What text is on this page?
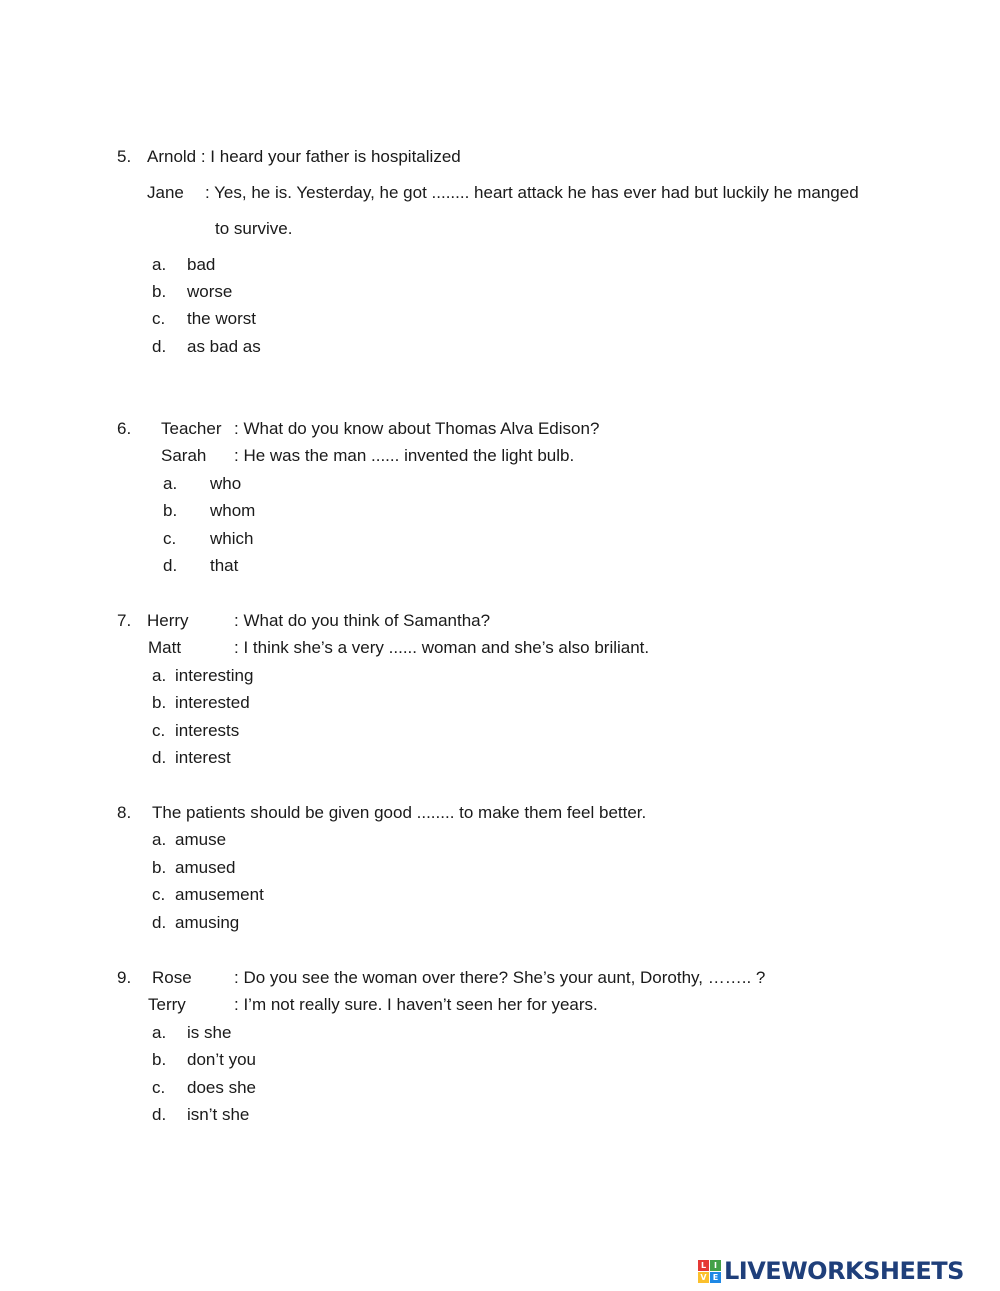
5. Arnold : I heard your father is hospitalized
Jane : Yes, he is. Yesterday, he got ........ heart attack he has ever had but luckily he manged
to survive.
a. bad
b. worse
c. the worst
d. as bad as
6. Teacher : What do you know about Thomas Alva Edison?
Sarah : He was the man ...... invented the light bulb.
a. who
b. whom
c. which
d. that
7. Herry	: What do you think of Samantha?
Matt	: I think she’s a very ...... woman and she’s also briliant.
a. interesting
b. interested
c. interests
d. interest
8. The patients should be given good ........ to make them feel better.
a. amuse
b. amused
c. amusement
d. amusing
9. Rose : Do you see the woman over there? She’s your aunt, Dorothy, …….. ?
Terry	: I’m not really sure. I haven’t seen her for years.
a. is she
b. don’t you
c. does she
d. isn’t she
L I
V E LIVEWORKSHEETS
